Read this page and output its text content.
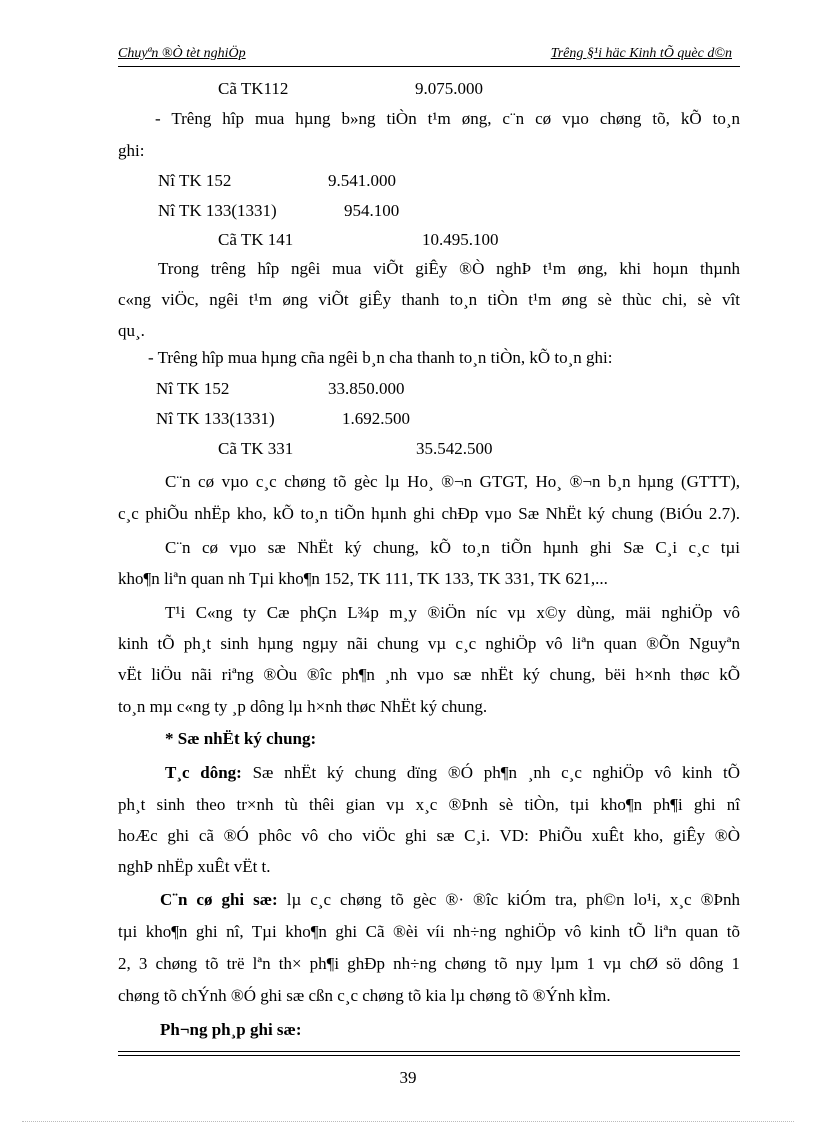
Chuyªn ®Ò tèt nghiÖp	Trêng §¹i häc Kinh tÕ quèc d©n
Cã TK112	9.075.000
- Trêng hîp mua hµng b»ng tiÒn t¹m øng, c¨n cø vµo chøng tõ, kÕ to¸n
ghi:
Nî TK 152	9.541.000
Nî TK 133(1331)	954.100
Cã TK 141	10.495.100
Trong trêng hîp ngêi mua viÕt giÊy ®Ò nghÞ t¹m øng, khi hoµn thµnh
c«ng viÖc, ngêi t¹m øng viÕt giÊy thanh to¸n tiÒn t¹m øng sè thùc chi, sè vît
qu¸.
- Trêng hîp mua hµng cña ngêi b¸n cha thanh to¸n tiÒn, kÕ to¸n ghi:
Nî TK 152	33.850.000
Nî TK 133(1331)	1.692.500
Cã TK 331	35.542.500
C¨n cø vµo c¸c chøng tõ gèc lµ Ho¸ ®¬n GTGT, Ho¸ ®¬n b¸n hµng (GTTT),
c¸c phiÕu nhËp kho, kÕ to¸n tiÕn hµnh ghi chÐp vµo Sæ NhËt ký chung (BiÓu 2.7).
C¨n cø vµo sæ NhËt ký chung, kÕ to¸n tiÕn hµnh ghi Sæ C¸i c¸c tµi
kho¶n liªn quan nh Tµi kho¶n 152, TK 111, TK 133, TK 331, TK 621,...
T¹i C«ng ty Cæ phÇn L¾p m¸y ®iÖn níc vµ x©y dùng, mäi nghiÖp vô
kinh tÕ ph¸t sinh hµng ngµy nãi chung vµ c¸c nghiÖp vô liªn quan ®Õn Nguyªn
vËt liÖu nãi riªng ®Òu ®îc ph¶n ¸nh vµo sæ nhËt ký chung, bëi h×nh thøc kÕ
to¸n mµ c«ng ty ¸p dông lµ h×nh thøc NhËt ký chung.
* Sæ nhËt ký chung:
T¸c dông: Sæ nhËt ký chung dïng ®Ó ph¶n ¸nh c¸c nghiÖp vô kinh tÕ
ph¸t sinh theo tr×nh tù thêi gian vµ x¸c ®Þnh sè tiÒn, tµi kho¶n ph¶i ghi nî
hoÆc ghi cã ®Ó phôc vô cho viÖc ghi sæ C¸i. VD: PhiÕu xuÊt kho, giÊy ®Ò
nghÞ nhËp xuÊt vËt t.
C¨n cø ghi sæ: lµ c¸c chøng tõ gèc ®· ®îc kiÓm tra, ph©n lo¹i, x¸c ®Þnh
tµi kho¶n ghi nî, Tµi kho¶n ghi Cã ®èi víi nh÷ng nghiÖp vô kinh tÕ liªn quan tõ
2, 3 chøng tõ trë lªn th× ph¶i ghÐp nh÷ng chøng tõ nµy lµm 1 vµ chØ sö dông 1
chøng tõ chÝnh ®Ó ghi sæ cßn c¸c chøng tõ kia lµ chøng tõ ®Ýnh kÌm.
Ph¬ng ph¸p ghi sæ:
39
